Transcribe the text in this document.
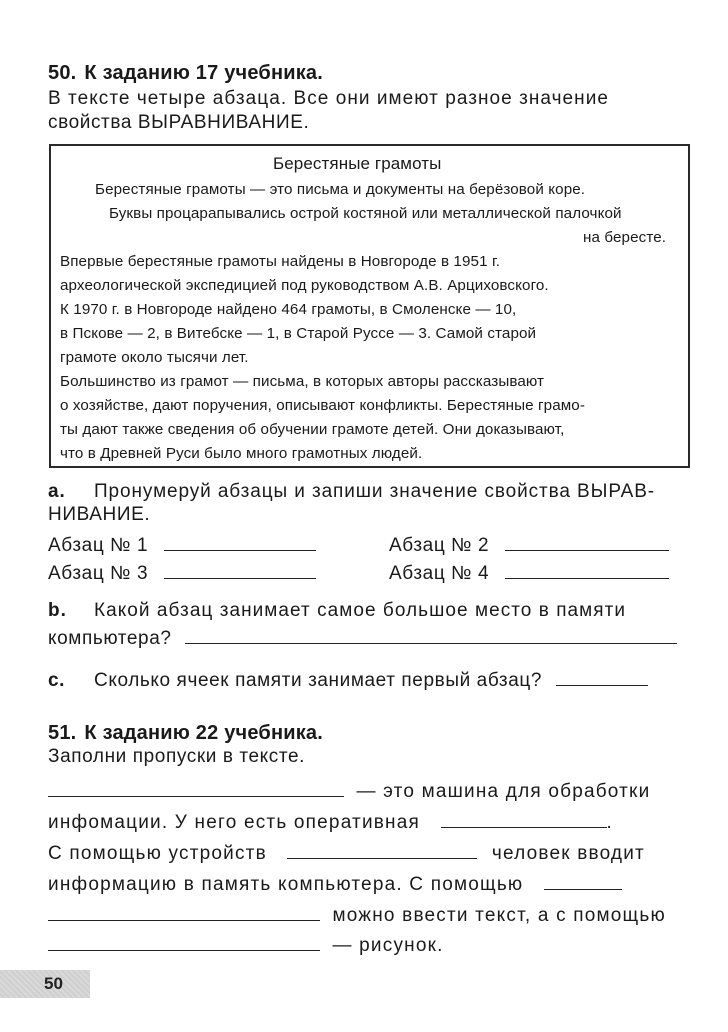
50. К заданию 17 учебника.
В тексте четыре абзаца. Все они имеют разное значение
свойства ВЫРАВНИВАНИЕ.
Берестяные грамоты
Берестяные грамоты — это письма и документы на берёзовой коре.
Буквы процарапывались острой костяной или металлической палочкой
на бересте.
Впервые берестяные грамоты найдены в Новгороде в 1951 г.
археологической экспедицией под руководством А.В. Арциховского.
К 1970 г. в Новгороде найдено 464 грамоты, в Смоленске — 10,
в Пскове — 2, в Витебске — 1, в Старой Руссе — 3. Самой старой
грамоте около тысячи лет.
Большинство из грамот — письма, в которых авторы рассказывают
о хозяйстве, дают поручения, описывают конфликты. Берестяные грамо-
ты дают также сведения об обучении грамоте детей. Они доказывают,
что в Древней Руси было много грамотных людей.
а. Пронумеруй абзацы и запиши значение свойства ВЫРАВ-
НИВАНИЕ.
Абзац № 1	Абзац № 2
Абзац № 3	Абзац № 4
b. Какой абзац занимает самое большое место в памяти
компьютера?
с. Сколько ячеек памяти занимает первый абзац?
51. К заданию 22 учебника.
Заполни пропуски в тексте.
— это машина для обработки
инфомации. У него есть оперативная	.
С помощью устройств	человек вводит
информацию в память компьютера. С помощью
можно ввести текст, а с помощью
— рисунок.
50
